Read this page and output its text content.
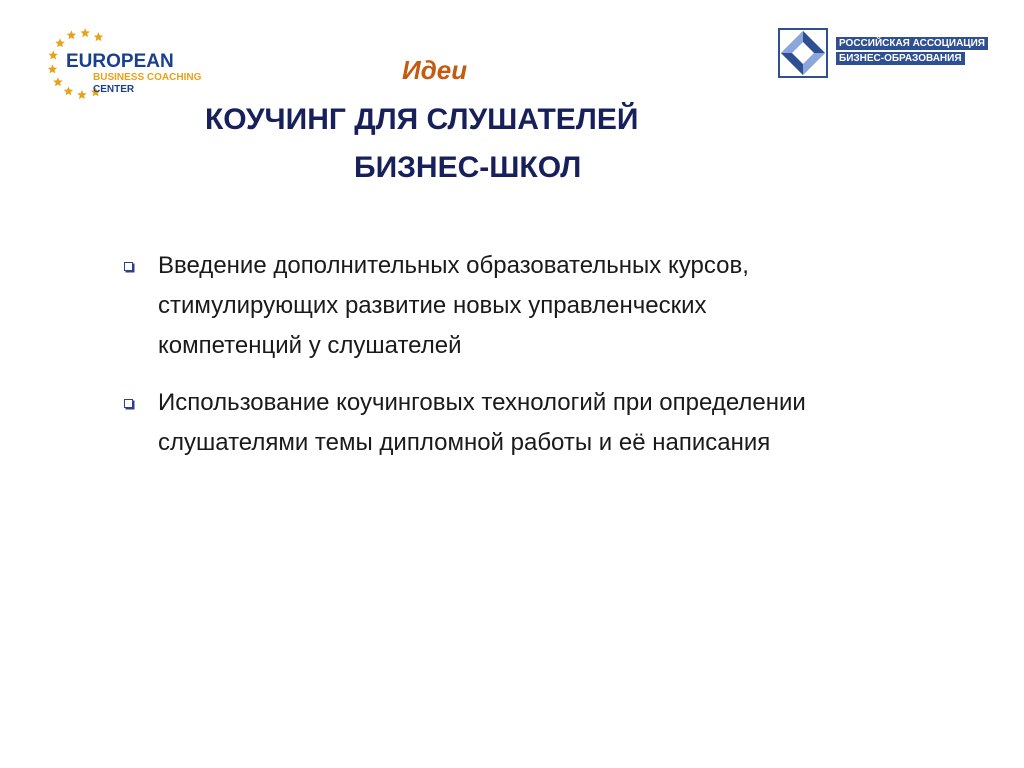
EUROPEAN
BUSINESS COACHING
CENTER
РОССИЙСКАЯ АССОЦИАЦИЯ
БИЗНЕС-ОБРАЗОВАНИЯ
Идеи
КОУЧИНГ ДЛЯ СЛУШАТЕЛЕЙ
БИЗНЕС-ШКОЛ
Введение дополнительных образовательных курсов, стимулирующих развитие новых управленческих компетенций у слушателей
Использование коучинговых технологий при определении слушателями темы дипломной работы и её написания
